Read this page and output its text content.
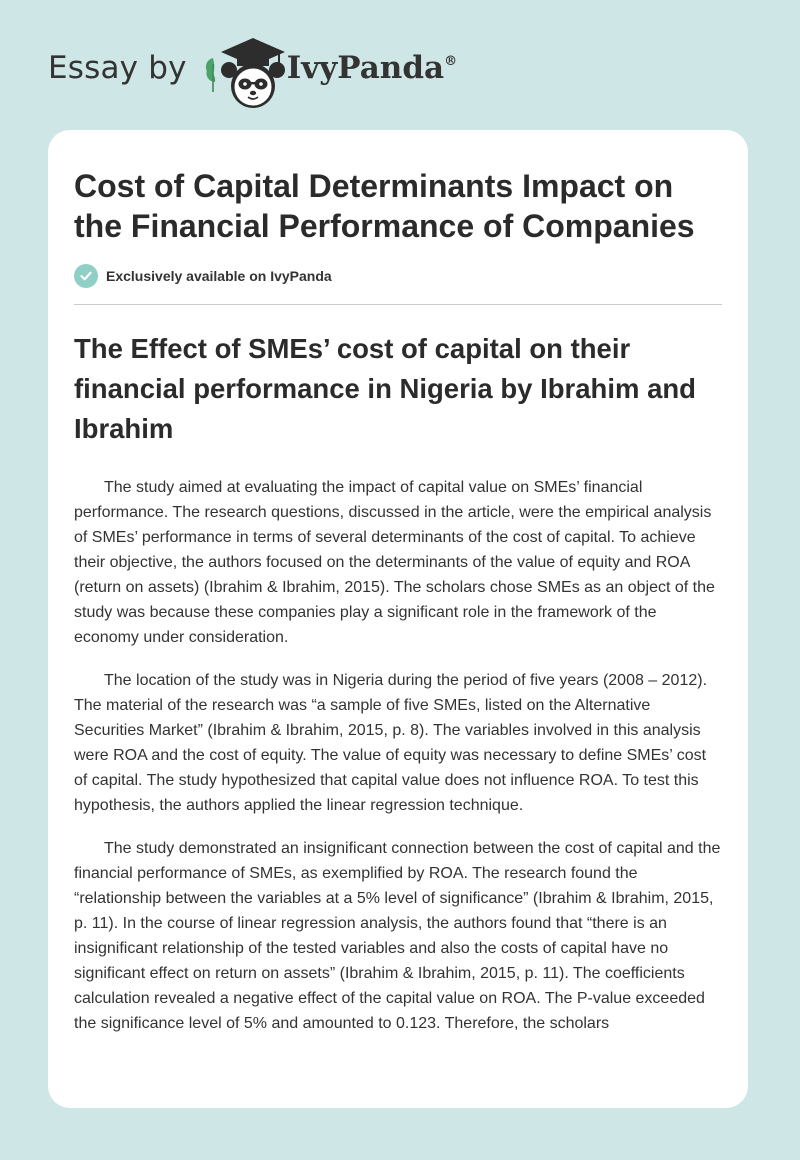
Essay by	IvyPanda®
Cost of Capital Determinants Impact on the Financial Performance of Companies
Exclusively available on IvyPanda
The Effect of SMEs’ cost of capital on their financial performance in Nigeria by Ibrahim and Ibrahim

The study aimed at evaluating the impact of capital value on SMEs’ financial performance. The research questions, discussed in the article, were the empirical analysis of SMEs’ performance in terms of several determinants of the cost of capital. To achieve their objective, the authors focused on the determinants of the value of equity and ROA (return on assets) (Ibrahim & Ibrahim, 2015). The scholars chose SMEs as an object of the study was because these companies play a significant role in the framework of the economy under consideration.

The location of the study was in Nigeria during the period of five years (2008 – 2012). The material of the research was “a sample of five SMEs, listed on the Alternative Securities Market” (Ibrahim & Ibrahim, 2015, p. 8). The variables involved in this analysis were ROA and the cost of equity. The value of equity was necessary to define SMEs’ cost of capital. The study hypothesized that capital value does not influence ROA. To test this hypothesis, the authors applied the linear regression technique.

The study demonstrated an insignificant connection between the cost of capital and the financial performance of SMEs, as exemplified by ROA. The research found the “relationship between the variables at a 5% level of significance” (Ibrahim & Ibrahim, 2015, p. 11). In the course of linear regression analysis, the authors found that “there is an insignificant relationship of the tested variables and also the costs of capital have no significant effect on return on assets” (Ibrahim & Ibrahim, 2015, p. 11). The coefficients calculation revealed a negative effect of the capital value on ROA. The P-value exceeded the significance level of 5% and amounted to 0.123. Therefore, the scholars
